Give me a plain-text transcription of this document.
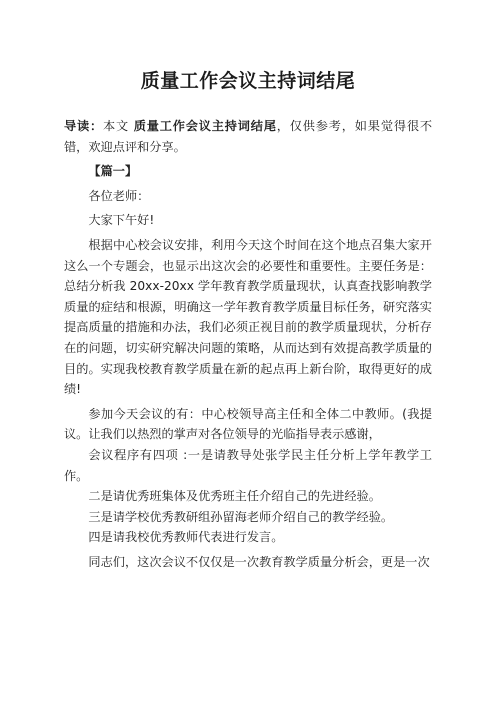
质量工作会议主持词结尾

导读：本文 质量工作会议主持词结尾，仅供参考，如果觉得很不错，欢迎点评和分享。

【篇一】

各位老师：

大家下午好!

根据中心校会议安排，利用今天这个时间在这个地点召集大家开这么一个专题会，也显示出这次会的必要性和重要性。主要任务是：总结分析我 20xx-20xx 学年教育教学质量现状，认真查找影响教学质量的症结和根源，明确这一学年教育教学质量目标任务，研究落实提高质量的措施和办法，我们必须正视目前的教学质量现状，分析存在的问题，切实研究解决问题的策略，从而达到有效提高教学质量的目的。实现我校教育教学质量在新的起点再上新台阶，取得更好的成绩!

参加今天会议的有：中心校领导高主任和全体二中教师。(我提议。让我们以热烈的掌声对各位领导的光临指导表示感谢，

会议程序有四项 :一是请教导处张学民主任分析上学年教学工作。

二是请优秀班集体及优秀班主任介绍自己的先进经验。

三是请学校优秀教研组孙留海老师介绍自己的教学经验。

四是请我校优秀教师代表进行发言。

同志们，这次会议不仅仅是一次教育教学质量分析会，更是一次
